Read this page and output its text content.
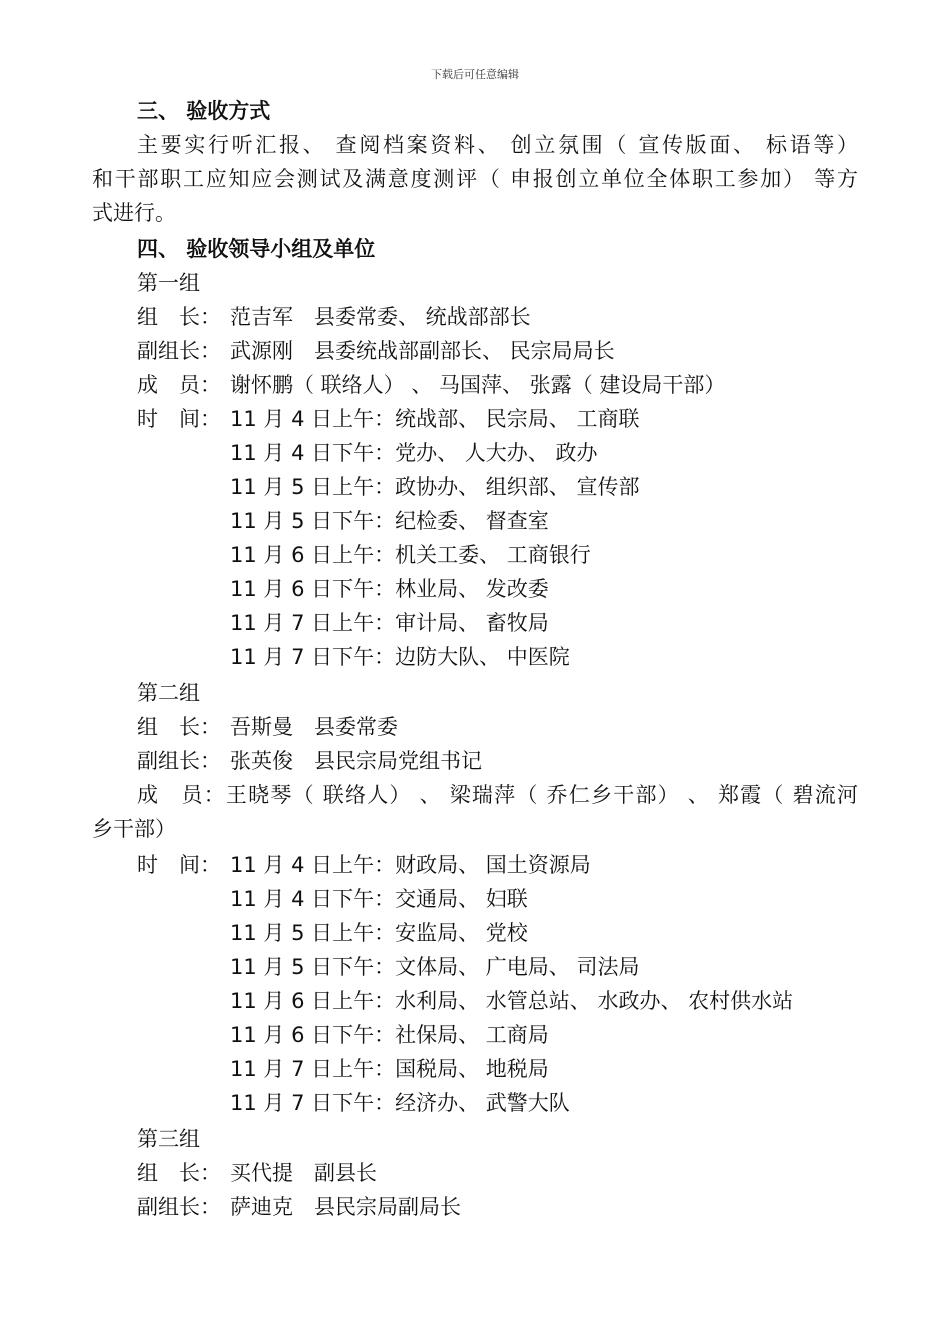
下载后可任意编辑
三、 验收方式
主要实行听汇报、 查阅档案资料、 创立氛围（ 宣传版面、 标语等）
和干部职工应知应会测试及满意度测评（ 申报创立单位全体职工参加） 等方
式进行。
四、 验收领导小组及单位
第一组
组　长： 范吉军　县委常委、 统战部部长
副组长： 武源刚　县委统战部副部长、 民宗局局长
成　员： 谢怀鹏（ 联络人） 、 马国萍、 张露（ 建设局干部）
时　间： 11 月 4 日上午：统战部、 民宗局、 工商联
11 月 4 日下午：党办、 人大办、 政办
11 月 5 日上午：政协办、 组织部、 宣传部
11 月 5 日下午：纪检委、 督查室
11 月 6 日上午：机关工委、 工商银行
11 月 6 日下午：林业局、 发改委
11 月 7 日上午：审计局、 畜牧局
11 月 7 日下午：边防大队、 中医院
第二组
组　长： 吾斯曼　县委常委
副组长： 张英俊　县民宗局党组书记
成　员：王晓琴（ 联络人） 、 梁瑞萍（ 乔仁乡干部） 、 郑霞（ 碧流河
乡干部）
时　间： 11 月 4 日上午：财政局、 国土资源局
11 月 4 日下午：交通局、 妇联
11 月 5 日上午：安监局、 党校
11 月 5 日下午：文体局、 广电局、 司法局
11 月 6 日上午：水利局、 水管总站、 水政办、 农村供水站
11 月 6 日下午：社保局、 工商局
11 月 7 日上午：国税局、 地税局
11 月 7 日下午：经济办、 武警大队
第三组
组　长： 买代提　副县长
副组长： 萨迪克　县民宗局副局长
